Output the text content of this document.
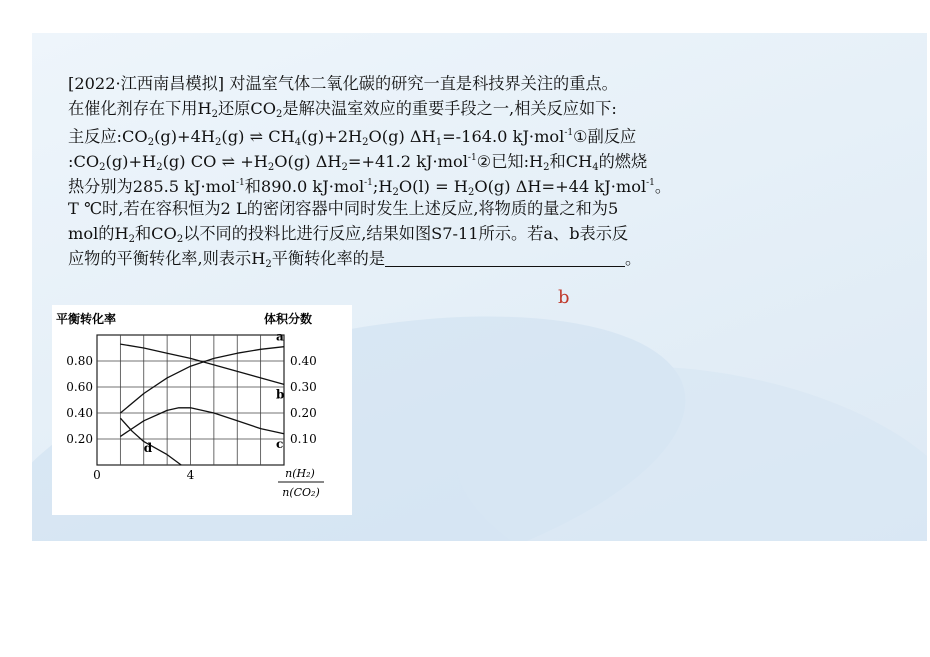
[2022·江西南昌模拟] 对温室气体二氧化碳的研究一直是科技界关注的重点。
在催化剂存在下用$H_2$还原$CO_2$是解决温室效应的重要手段之一,相关反应如下:
主反应$:CO_2(g)+4H_2(g)$ ⇌ $CH_4(g)+2H_2O(g)$ $\Delta H_1=-164.0$ kJ·mol$^{-1}$①副反应
$:CO_2(g)+H_2(g)$ CO ⇌ $+H_2O(g)$ $\Delta H_2=+41.2$ kJ·mol$^{-1}$②已知$:H_2$和$CH_4$的燃烧
热分别为285.5 kJ·mol$^{-1}$和890.0 $kJ\cdot mol^{-1};H_2O(l) = H_2O(g)$ ΔH=+44 kJ·mol$^{-1}$。
T ℃时,若在容积恒为2 L的密闭容器中同时发生上述反应,将物质的量之和为5
mol的$H_2$和$CO_2$以不同的投料比进行反应,结果如图S7-11所示。若a、b表示反
应物的平衡转化率,则表示$H_2$平衡转化率的是	。
b
平衡转化率	体积分数
0.80
0.60
0.40
0.20
0.40
0.30
0.20
0.10
0	4
a
b
c
d
n(H₂)
n(CO₂)
